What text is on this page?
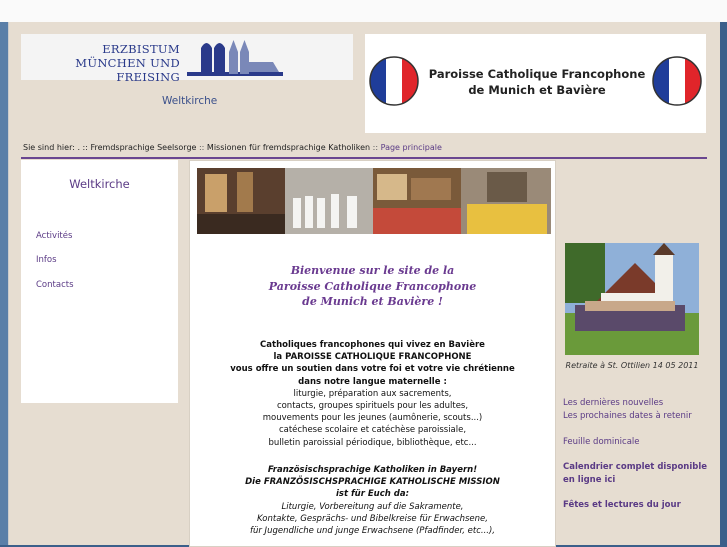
ERZBISTUM
MÜNCHEN UND FREISING
Weltkirche
Paroisse Catholique Francophone
de Munich et Bavière
Sie sind hier: . :: Fremdsprachige Seelsorge :: Missionen für fremdsprachige Katholiken :: Page principale
Weltkirche
Activités
Infos
Contacts
Bienvenue sur le site de la
Paroisse Catholique Francophone
de Munich et Bavière !
Catholiques francophones qui vivez en Bavière
la PAROISSE CATHOLIQUE FRANCOPHONE
vous offre un soutien dans votre foi et votre vie chrétienne
dans notre langue maternelle :
liturgie, préparation aux sacrements,
contacts, groupes spirituels pour les adultes,
mouvements pour les jeunes (aumônerie, scouts...)
catéchese scolaire et catéchèse paroissiale,
bulletin paroissial périodique, bibliothèque, etc...
Französischsprachige Katholiken in Bayern!
Die FRANZÖSISCHSPRACHIGE KATHOLISCHE MISSION
ist für Euch da:
Liturgie, Vorbereitung auf die Sakramente,
Kontakte, Gesprächs- und Bibelkreise für Erwachsene,
für Jugendliche und junge Erwachsene (Pfadfinder, etc...),
Retraite à St. Ottilien 14 05 2011
Les dernières nouvelles
Les prochaines dates à retenir
Feuille dominicale
Calendrier complet disponible
en ligne ici
Fêtes et lectures du jour
